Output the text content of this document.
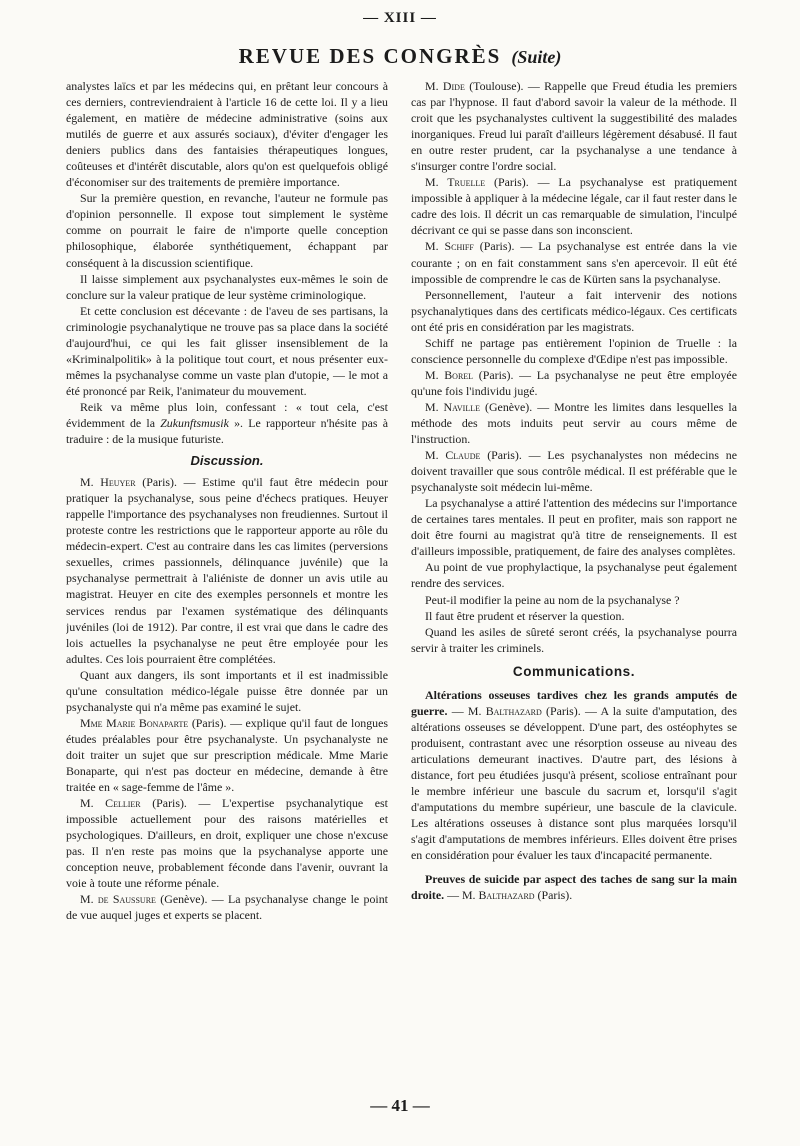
— XIII —
REVUE DES CONGRÈS (Suite)

analystes laïcs et par les médecins qui, en prêtant leur concours à ces derniers, contreviendraient à l'article 16 de cette loi. Il y a lieu également, en matière de médecine administrative (soins aux mutilés de guerre et aux assurés sociaux), d'éviter d'engager les deniers publics dans des fantaisies thérapeutiques longues, coûteuses et d'intérêt discutable, alors qu'on est quelquefois obligé d'économiser sur des traitements de première importance.

Sur la première question, en revanche, l'auteur ne formule pas d'opinion personnelle. Il expose tout simplement le système comme on pourrait le faire de n'importe quelle conception philosophique, élaborée synthétiquement, échappant par conséquent à la discussion scientifique.

Il laisse simplement aux psychanalystes eux-mêmes le soin de conclure sur la valeur pratique de leur système criminologique.

Et cette conclusion est décevante : de l'aveu de ses partisans, la criminologie psychanalytique ne trouve pas sa place dans la société d'aujourd'hui, ce qui les fait glisser insensiblement de la «Kriminalpolitik» à la politique tout court, et nous présenter eux-mêmes la psychanalyse comme un vaste plan d'utopie, — le mot a été prononcé par Reik, l'animateur du mouvement.

Reik va même plus loin, confessant : « tout cela, c'est évidemment de la Zukunftsmusik ». Le rapporteur n'hésite pas à traduire : de la musique futuriste.

Discussion.

M. Heuyer (Paris). — Estime qu'il faut être médecin pour pratiquer la psychanalyse, sous peine d'échecs pratiques. Heuyer rappelle l'importance des psychanalyses non freudiennes. Surtout il proteste contre les restrictions que le rapporteur apporte au rôle du médecin-expert. C'est au contraire dans les cas limites (perversions sexuelles, crimes passionnels, délinquance juvénile) que la psychanalyse permettrait à l'aliéniste de donner un avis utile au magistrat. Heuyer en cite des exemples personnels et montre les services rendus par l'examen systématique des délinquants juvéniles (loi de 1912). Par contre, il est vrai que dans le cadre des lois actuelles la psychanalyse ne peut être employée pour les adultes. Ces lois pourraient être complétées.

Quant aux dangers, ils sont importants et il est inadmissible qu'une consultation médico-légale puisse être donnée par un psychanalyste qui n'a même pas examiné le sujet.

Mme Marie Bonaparte (Paris). — explique qu'il faut de longues études préalables pour être psychanalyste. Un psychanalyste ne doit traiter un sujet que sur prescription médicale. Mme Marie Bonaparte, qui n'est pas docteur en médecine, demande à être traitée en « sage-femme de l'âme ».

M. Cellier (Paris). — L'expertise psychanalytique est impossible actuellement pour des raisons matérielles et psychologiques. D'ailleurs, en droit, expliquer une chose n'excuse pas. Il n'en reste pas moins que la psychanalyse apporte une conception neuve, probablement féconde dans l'avenir, ouvrant la voie à toute une réforme pénale.

M. de Saussure (Genève). — La psychanalyse change le point de vue auquel juges et experts se placent.

M. Dide (Toulouse). — Rappelle que Freud étudia les premiers cas par l'hypnose. Il faut d'abord savoir la valeur de la méthode. Il croit que les psychanalystes cultivent la suggestibilité des malades inorganiques. Freud lui paraît d'ailleurs légèrement désabusé. Il faut en outre rester prudent, car la psychanalyse a une tendance à s'insurger contre l'ordre social.

M. Truelle (Paris). — La psychanalyse est pratiquement impossible à appliquer à la médecine légale, car il faut rester dans le cadre des lois. Il décrit un cas remarquable de simulation, l'inculpé décrivant ce qui se passe dans son inconscient.

M. Schiff (Paris). — La psychanalyse est entrée dans la vie courante ; on en fait constamment sans s'en apercevoir. Il eût été impossible de comprendre le cas de Kürten sans la psychanalyse.

Personnellement, l'auteur a fait intervenir des notions psychanalytiques dans des certificats médico-légaux. Ces certificats ont été pris en considération par les magistrats.

Schiff ne partage pas entièrement l'opinion de Truelle : la conscience personnelle du complexe d'Œdipe n'est pas impossible.

M. Borel (Paris). — La psychanalyse ne peut être employée qu'une fois l'individu jugé.

M. Naville (Genève). — Montre les limites dans lesquelles la méthode des mots induits peut servir au cours même de l'instruction.

M. Claude (Paris). — Les psychanalystes non médecins ne doivent travailler que sous contrôle médical. Il est préférable que le psychanalyste soit médecin lui-même.

La psychanalyse a attiré l'attention des médecins sur l'importance de certaines tares mentales. Il peut en profiter, mais son rapport ne doit être fourni au magistrat qu'à titre de renseignements. Il est d'ailleurs impossible, pratiquement, de faire des analyses complètes.

Au point de vue prophylactique, la psychanalyse peut également rendre des services.

Peut-il modifier la peine au nom de la psychanalyse ?

Il faut être prudent et réserver la question.

Quand les asiles de sûreté seront créés, la psychanalyse pourra servir à traiter les criminels.

Communications.

Altérations osseuses tardives chez les grands amputés de guerre. — M. Balthazard (Paris). — A la suite d'amputation, des altérations osseuses se développent. D'une part, des ostéophytes se produisent, contrastant avec une résorption osseuse au niveau des articulations demeurant inactives. D'autre part, des lésions à distance, fort peu étudiées jusqu'à présent, scoliose entraînant pour le membre inférieur une bascule du sacrum et, lorsqu'il s'agit d'amputations du membre supérieur, une bascule de la clavicule. Les altérations osseuses à distance sont plus marquées lorsqu'il s'agit d'amputations de membres inférieurs. Elles doivent être prises en considération pour évaluer les taux d'incapacité permanente.

Preuves de suicide par aspect des taches de sang sur la main droite. — M. Balthazard (Paris).

— 41 —
